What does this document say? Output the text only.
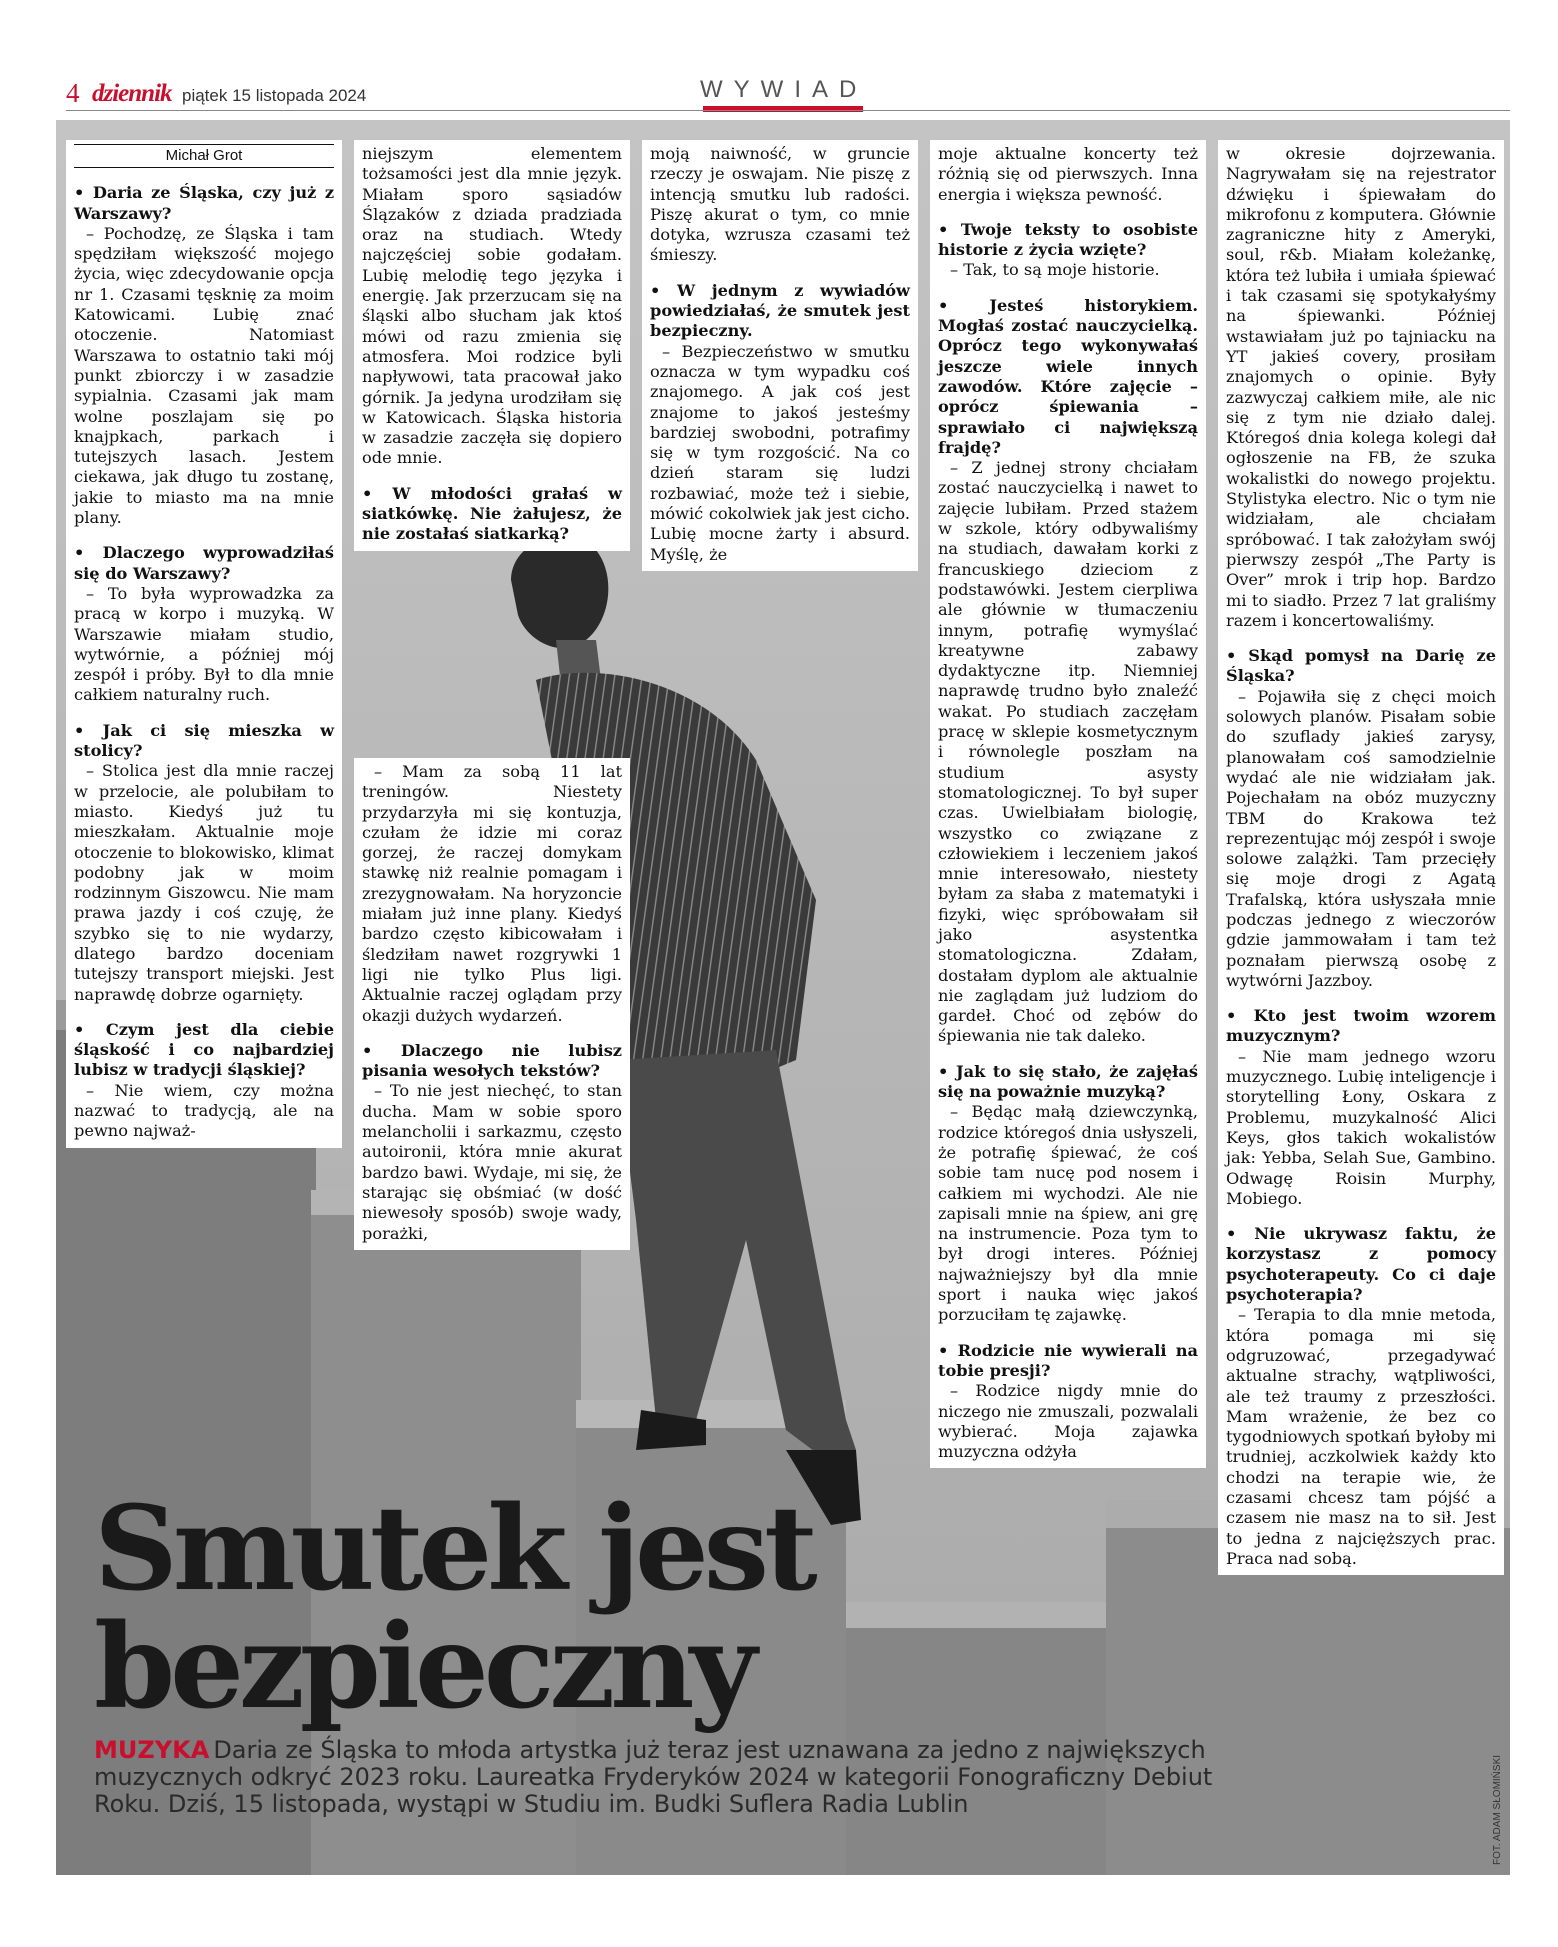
4 dziennik piątek 15 listopada 2024	WYWIAD
Michał Grot

• Daria ze Śląska, czy już z Warszawy?

– Pochodzę, ze Śląska i tam spędziłam większość mojego życia, więc zdecydowanie opcja nr 1. Czasami tęsknię za moim Katowicami. Lubię znać otoczenie. Natomiast Warszawa to ostatnio taki mój punkt zbiorczy i w zasadzie sypialnia. Czasami jak mam wolne poszlajam się po knajpkach, parkach i tutejszych lasach. Jestem ciekawa, jak długo tu zostanę, jakie to miasto ma na mnie plany.

• Dlaczego wyprowadziłaś się do Warszawy?

– To była wyprowadzka za pracą w korpo i muzyką. W Warszawie miałam studio, wytwórnie, a później mój zespół i próby. Był to dla mnie całkiem naturalny ruch.

• Jak ci się mieszka w stolicy?

– Stolica jest dla mnie raczej w przelocie, ale polubiłam to miasto. Kiedyś już tu mieszkałam. Aktualnie moje otoczenie to blokowisko, klimat podobny jak w moim rodzinnym Giszowcu. Nie mam prawa jazdy i coś czuję, że szybko się to nie wydarzy, dlatego bardzo doceniam tutejszy transport miejski. Jest naprawdę dobrze ogarnięty.

• Czym jest dla ciebie śląskość i co najbardziej lubisz w tradycji śląskiej?

– Nie wiem, czy można nazwać to tradycją, ale na pewno najważ-

niejszym elementem tożsamości jest dla mnie język. Miałam sporo sąsiadów Ślązaków z dziada pradziada oraz na studiach. Wtedy najczęściej sobie godałam. Lubię melodię tego języka i energię. Jak przerzucam się na śląski albo słucham jak ktoś mówi od razu zmienia się atmosfera. Moi rodzice byli napływowi, tata pracował jako górnik. Ja jedyna urodziłam się w Katowicach. Śląska historia w zasadzie zaczęła się dopiero ode mnie.

• W młodości grałaś w siatkówkę. Nie żałujesz, że nie zostałaś siatkarką?

– Mam za sobą 11 lat treningów. Niestety przydarzyła mi się kontuzja, czułam że idzie mi coraz gorzej, że raczej domykam stawkę niż realnie pomagam i zrezygnowałam. Na horyzoncie miałam już inne plany. Kiedyś bardzo często kibicowałam i śledziłam nawet rozgrywki 1 ligi nie tylko Plus ligi. Aktualnie raczej oglądam przy okazji dużych wydarzeń.

• Dlaczego nie lubisz pisania wesołych tekstów?

– To nie jest niechęć, to stan ducha. Mam w sobie sporo melancholii i sarkazmu, często autoironii, która mnie akurat bardzo bawi. Wydaje, mi się, że starając się obśmiać (w dość niewesoły sposób) swoje wady, porażki,

moją naiwność, w gruncie rzeczy je oswajam. Nie piszę z intencją smutku lub radości. Piszę akurat o tym, co mnie dotyka, wzrusza czasami też śmieszy.

• W jednym z wywiadów powiedziałaś, że smutek jest bezpieczny.

– Bezpieczeństwo w smutku oznacza w tym wypadku coś znajomego. A jak coś jest znajome to jakoś jesteśmy bardziej swobodni, potrafimy się w tym rozgościć. Na co dzień staram się ludzi rozbawiać, może też i siebie, mówić cokolwiek jak jest cicho. Lubię mocne żarty i absurd. Myślę, że

moje aktualne koncerty też różnią się od pierwszych. Inna energia i większa pewność.

• Twoje teksty to osobiste historie z życia wzięte?

– Tak, to są moje historie.

• Jesteś historykiem. Mogłaś zostać nauczycielką. Oprócz tego wykonywałaś jeszcze wiele innych zawodów. Które zajęcie – oprócz śpiewania – sprawiało ci największą frajdę?

– Z jednej strony chciałam zostać nauczycielką i nawet to zajęcie lubiłam. Przed stażem w szkole, który odbywaliśmy na studiach, dawałam korki z francuskiego dzieciom z podstawówki. Jestem cierpliwa ale głównie w tłumaczeniu innym, potrafię wymyślać kreatywne zabawy dydaktyczne itp. Niemniej naprawdę trudno było znaleźć wakat. Po studiach zaczęłam pracę w sklepie kosmetycznym i równolegle poszłam na studium asysty stomatologicznej. To był super czas. Uwielbiałam biologię, wszystko co związane z człowiekiem i leczeniem jakoś mnie interesowało, niestety byłam za słaba z matematyki i fizyki, więc spróbowałam sił jako asystentka stomatologiczna. Zdałam, dostałam dyplom ale aktualnie nie zaglądam już ludziom do gardeł. Choć od zębów do śpiewania nie tak daleko.

• Jak to się stało, że zajęłaś się na poważnie muzyką?

– Będąc małą dziewczynką, rodzice któregoś dnia usłyszeli, że potrafię śpiewać, że coś sobie tam nucę pod nosem i całkiem mi wychodzi. Ale nie zapisali mnie na śpiew, ani grę na instrumencie. Poza tym to był drogi interes. Później najważniejszy był dla mnie sport i nauka więc jakoś porzuciłam tę zajawkę.

• Rodzicie nie wywierali na tobie presji?

– Rodzice nigdy mnie do niczego nie zmuszali, pozwalali wybierać. Moja zajawka muzyczna odżyła

w okresie dojrzewania. Nagrywałam się na rejestrator dźwięku i śpiewałam do mikrofonu z komputera. Głównie zagraniczne hity z Ameryki, soul, r&b. Miałam koleżankę, która też lubiła i umiała śpiewać i tak czasami się spotykałyśmy na śpiewanki. Później wstawiałam już po tajniacku na YT jakieś covery, prosiłam znajomych o opinie. Były zazwyczaj całkiem miłe, ale nic się z tym nie działo dalej. Któregoś dnia kolega kolegi dał ogłoszenie na FB, że szuka wokalistki do nowego projektu. Stylistyka electro. Nic o tym nie widziałam, ale chciałam spróbować. I tak założyłam swój pierwszy zespół „The Party is Over” mrok i trip hop. Bardzo mi to siadło. Przez 7 lat graliśmy razem i koncertowaliśmy.

• Skąd pomysł na Darię ze Śląska?

– Pojawiła się z chęci moich solowych planów. Pisałam sobie do szuflady jakieś zarysy, planowałam coś samodzielnie wydać ale nie widziałam jak. Pojechałam na obóz muzyczny TBM do Krakowa też reprezentując mój zespół i swoje solowe zalążki. Tam przecięły się moje drogi z Agatą Trafalską, która usłyszała mnie podczas jednego z wieczorów gdzie jammowałam i tam też poznałam pierwszą osobę z wytwórni Jazzboy.

• Kto jest twoim wzorem muzycznym?

– Nie mam jednego wzoru muzycznego. Lubię inteligencje i storytelling Łony, Oskara z Problemu, muzykalność Alici Keys, głos takich wokalistów jak: Yebba, Selah Sue, Gambino. Odwagę Roisin Murphy, Mobiego.

• Nie ukrywasz faktu, że korzystasz z pomocy psychoterapeuty. Co ci daje psychoterapia?

– Terapia to dla mnie metoda, która pomaga mi się odgruzować, przegadywać aktualne strachy, wątpliwości, ale też traumy z przeszłości. Mam wrażenie, że bez co tygodniowych spotkań byłoby mi trudniej, aczkolwiek każdy kto chodzi na terapie wie, że czasami chcesz tam pójść a czasem nie masz na to sił. Jest to jedna z najcięższych prac. Praca nad sobą.

Smutek jest
bezpieczny
MUZYKA Daria ze Śląska to młoda artystka już teraz jest uznawana za jedno z największych muzycznych odkryć 2023 roku. Laureatka Fryderyków 2024 w kategorii Fonograficzny Debiut Roku. Dziś, 15 listopada, wystąpi w Studiu im. Budki Suflera Radia Lublin	FOT. ADAM SŁOMIŃSKI
